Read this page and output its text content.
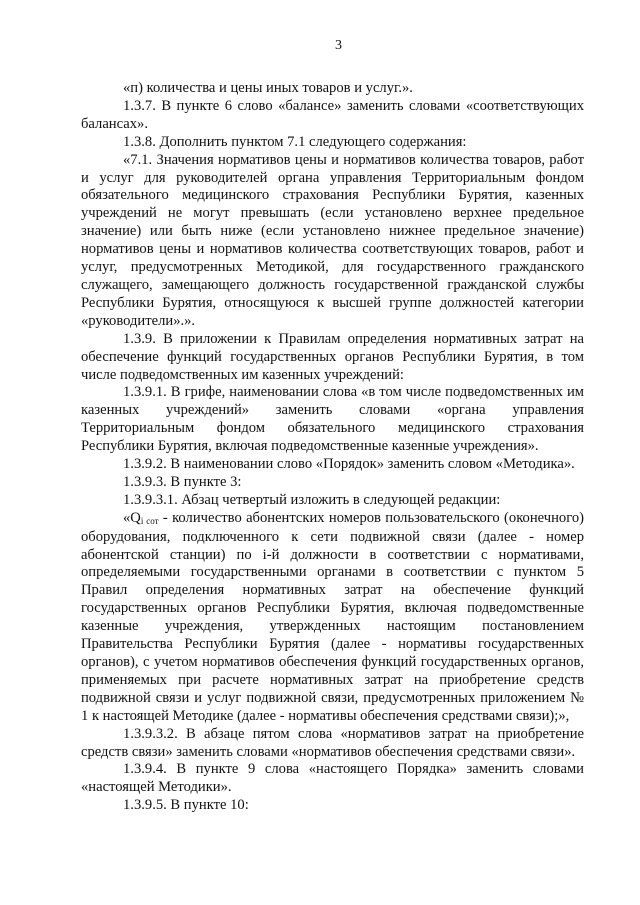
3

«п) количества и цены иных товаров и услуг.».

1.3.7. В пункте 6 слово «балансе» заменить словами «соответствующих балансах».

1.3.8. Дополнить пунктом 7.1 следующего содержания:

«7.1. Значения нормативов цены и нормативов количества товаров, работ и услуг для руководителей органа управления Территориальным фондом обязательного медицинского страхования Республики Бурятия, казенных учреждений не могут превышать (если установлено верхнее предельное значение) или быть ниже (если установлено нижнее предельное значение) нормативов цены и нормативов количества соответствующих товаров, работ и услуг, предусмотренных Методикой, для государственного гражданского служащего, замещающего должность государственной гражданской службы Республики Бурятия, относящуюся к высшей группе должностей категории «руководители».».

1.3.9. В приложении к Правилам определения нормативных затрат на обеспечение функций государственных органов Республики Бурятия, в том числе подведомственных им казенных учреждений:

1.3.9.1. В грифе, наименовании слова «в том числе подведомственных им казенных учреждений» заменить словами «органа управления Территориальным фондом обязательного медицинского страхования Республики Бурятия, включая подведомственные казенные учреждения».

1.3.9.2. В наименовании слово «Порядок» заменить словом «Методика».

1.3.9.3. В пункте 3:

1.3.9.3.1. Абзац четвертый изложить в следующей редакции:

«Qi сот - количество абонентских номеров пользовательского (оконечного) оборудования, подключенного к сети подвижной связи (далее - номер абонентской станции) по i-й должности в соответствии с нормативами, определяемыми государственными органами в соответствии с пунктом 5 Правил определения нормативных затрат на обеспечение функций государственных органов Республики Бурятия, включая подведомственные казенные учреждения, утвержденных настоящим постановлением Правительства Республики Бурятия (далее - нормативы государственных органов), с учетом нормативов обеспечения функций государственных органов, применяемых при расчете нормативных затрат на приобретение средств подвижной связи и услуг подвижной связи, предусмотренных приложением № 1 к настоящей Методике (далее - нормативы обеспечения средствами связи);»,

1.3.9.3.2. В абзаце пятом слова «нормативов затрат на приобретение средств связи» заменить словами «нормативов обеспечения средствами связи».

1.3.9.4. В пункте 9 слова «настоящего Порядка» заменить словами «настоящей Методики».

1.3.9.5. В пункте 10:
